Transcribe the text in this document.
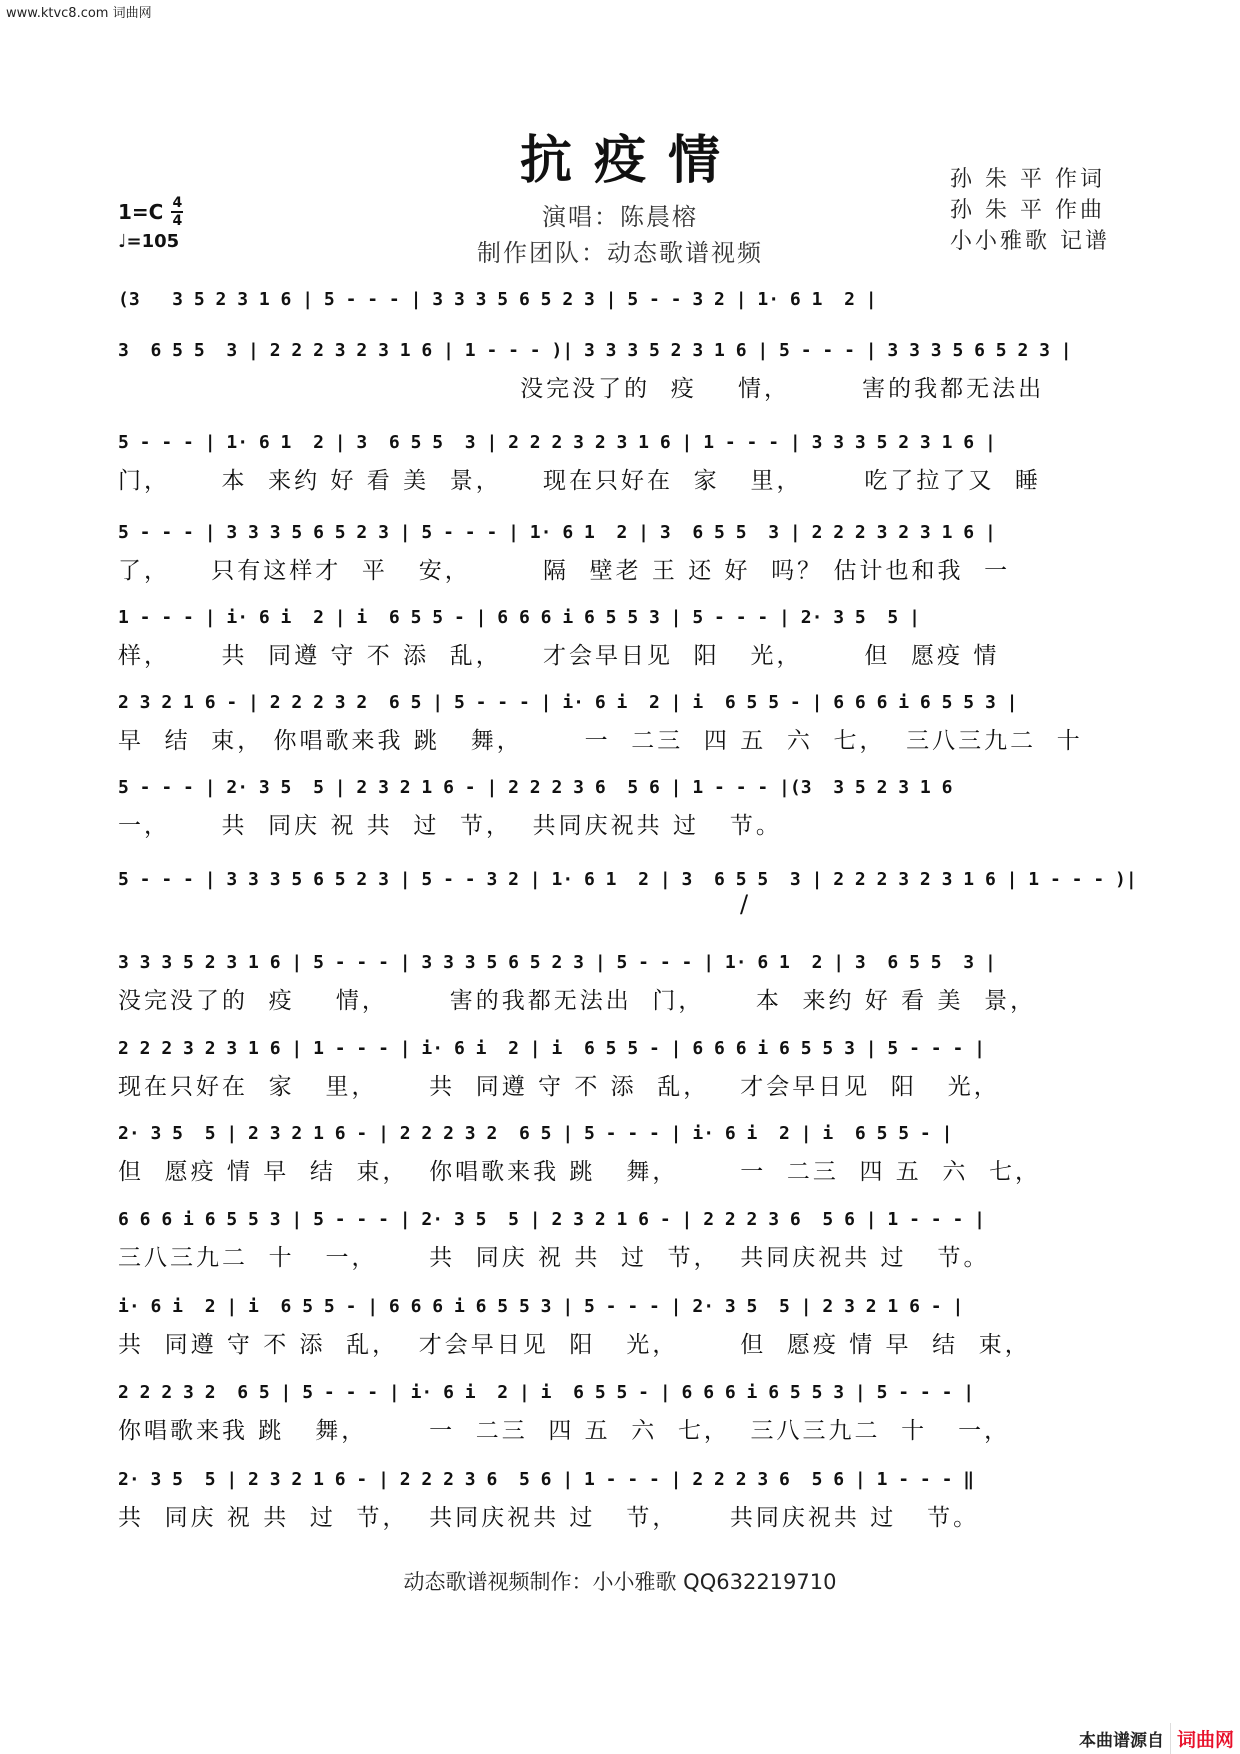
www.ktvc8.com 词曲网
抗疫情
演唱：陈晨榕
制作团队：动态歌谱视频
孙 朱 平 作词
孙 朱 平 作曲
小小雅歌 记谱
1=C 4
4
♩=105
(3   3 5 2 3 1 6 | 5 - - - | 3 3 3 5 6 5 2 3 | 5 - - 3 2 | 1· 6 1  2 |
3  6 5 5  3 | 2 2 2 3 2 3 1 6 | 1 - - - )| 3 3 3 5 2 3 1 6 | 5 - - - | 3 3 3 5 6 5 2 3 |
没完没了的  疫    情，       害的我都无法出
5 - - - | 1· 6 1  2 | 3  6 5 5  3 | 2 2 2 3 2 3 1 6 | 1 - - - | 3 3 3 5 2 3 1 6 |
门，     本  来约 好 看 美  景，    现在只好在  家   里，      吃了拉了又  睡
5 - - - | 3 3 3 5 6 5 2 3 | 5 - - - | 1· 6 1  2 | 3  6 5 5  3 | 2 2 2 3 2 3 1 6 |
了，    只有这样才  平   安，       隔  壁老 王 还 好  吗？ 估计也和我  一
1 - - - | i· 6 i  2 | i  6 5 5 - | 6 6 6 i 6 5 5 3 | 5 - - - | 2· 3 5  5 |
样，     共  同遵 守 不 添  乱，    才会早日见  阳   光，      但  愿疫 情
2 3 2 1 6 - | 2 2 2 3 2  6 5 | 5 - - - | i· 6 i  2 | i  6 5 5 - | 6 6 6 i 6 5 5 3 |
早  结  束， 你唱歌来我 跳   舞，      一  二三  四 五  六  七，  三八三九二  十
5 - - - | 2· 3 5  5 | 2 3 2 1 6 - | 2 2 2 3 6  5 6 | 1 - - - |(3  3 5 2 3 1 6
一，     共  同庆 祝 共  过  节，  共同庆祝共 过   节。
5 - - - | 3 3 3 5 6 5 2 3 | 5 - - 3 2 | 1· 6 1  2 | 3  6 5 5  3 | 2 2 2 3 2 3 1 6 | 1 - - - )|
3 3 3 5 2 3 1 6 | 5 - - - | 3 3 3 5 6 5 2 3 | 5 - - - | 1· 6 1  2 | 3  6 5 5  3 |
没完没了的  疫    情，      害的我都无法出  门，     本  来约 好 看 美  景，
2 2 2 3 2 3 1 6 | 1 - - - | i· 6 i  2 | i  6 5 5 - | 6 6 6 i 6 5 5 3 | 5 - - - |
现在只好在  家   里，     共  同遵 守 不 添  乱，   才会早日见  阳   光，
2· 3 5  5 | 2 3 2 1 6 - | 2 2 2 3 2  6 5 | 5 - - - | i· 6 i  2 | i  6 5 5 - |
但  愿疫 情 早  结  束，  你唱歌来我 跳   舞，      一  二三  四 五  六  七，
6 6 6 i 6 5 5 3 | 5 - - - | 2· 3 5  5 | 2 3 2 1 6 - | 2 2 2 3 6  5 6 | 1 - - - |
三八三九二  十   一，     共  同庆 祝 共  过  节，  共同庆祝共 过   节。
i· 6 i  2 | i  6 5 5 - | 6 6 6 i 6 5 5 3 | 5 - - - | 2· 3 5  5 | 2 3 2 1 6 - |
共  同遵 守 不 添  乱，  才会早日见  阳   光，      但  愿疫 情 早  结  束，
2 2 2 3 2  6 5 | 5 - - - | i· 6 i  2 | i  6 5 5 - | 6 6 6 i 6 5 5 3 | 5 - - - |
你唱歌来我 跳   舞，      一  二三  四 五  六  七，  三八三九二  十   一，
2· 3 5  5 | 2 3 2 1 6 - | 2 2 2 3 6  5 6 | 1 - - - | 2 2 2 3 6  5 6 | 1 - - - ‖
共  同庆 祝 共  过  节，  共同庆祝共 过   节，     共同庆祝共 过   节。
/
动态歌谱视频制作：小小雅歌 QQ632219710
本曲谱源自 词曲网
